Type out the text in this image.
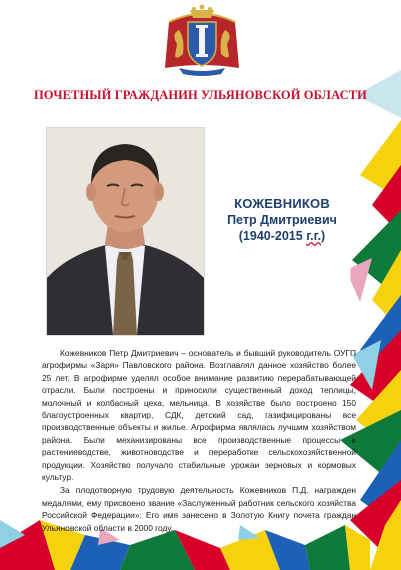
ПОЧЕТНЫЙ ГРАЖДАНИН УЛЬЯНОВСКОЙ ОБЛАСТИ
КОЖЕВНИКОВ
Петр Дмитриевич
(1940-2015 г.г.)

Кожевников Петр Дмитриевич – основатель и бывший руководитель ОУГП агрофирмы «Заря» Павловского района. Возглавлял данное хозяйство более 25 лет. В агрофирме уделял особое внимание развитию перерабатывающей отрасли. Были построены и приносили существенный доход теплицы, молочный и колбасный цеха, мельница. В хозяйстве было построено 150 благоустроенных квартир, СДК, детский сад, газифицированы все производственные объекты и жилье. Агрофирма являлась лучшим хозяйством района. Были механизированы все производственные процессы в растениеводстве, животноводстве и переработке сельскохозяйственной продукции. Хозяйство получало стабильные урожаи зерновых и кормовых культур.

За плодотворную трудовую деятельность Кожевников П.Д. награжден медалями, ему присвоено звание «Заслуженный работник сельского хозяйства Российской Федерации». Его имя занесено в Золотую Книгу почета граждан Ульяновской области в 2000 году.
